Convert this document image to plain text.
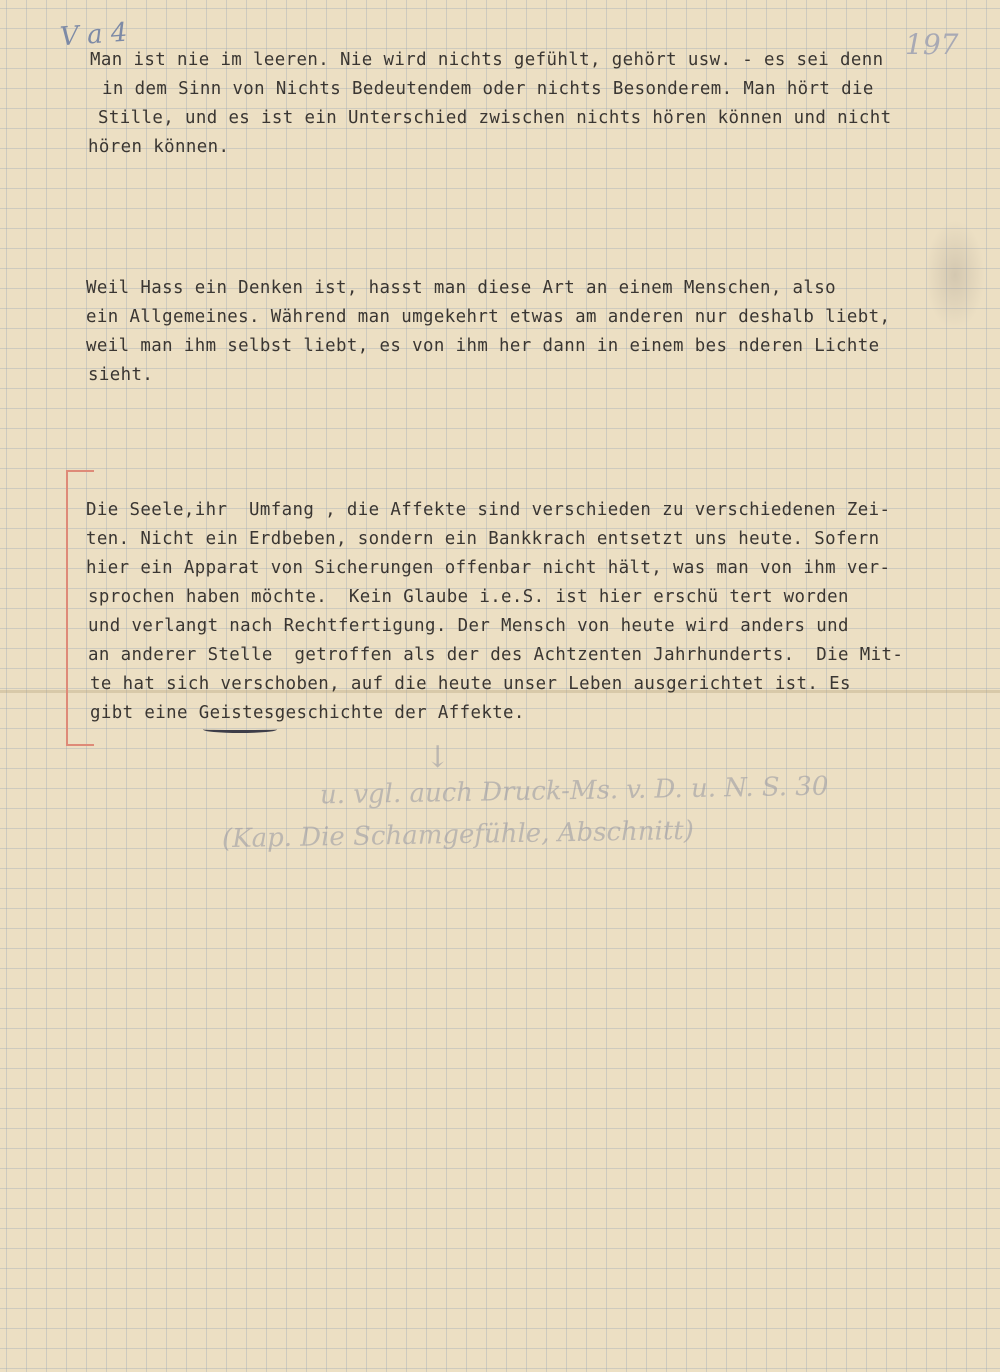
V a 4	197
Man ist nie im leeren. Nie wird nichts gefühlt, gehört usw. - es sei denn
in dem Sinn von Nichts Bedeutendem oder nichts Besonderem. Man hört die
Stille, und es ist ein Unterschied zwischen nichts hören können und nicht
hören können.
Weil Hass ein Denken ist, hasst man diese Art an einem Menschen, also
ein Allgemeines. Während man umgekehrt etwas am anderen nur deshalb liebt,
weil man ihm selbst liebt, es von ihm her dann in einem bes nderen Lichte
sieht.
Die Seele,ihr  Umfang , die Affekte sind verschieden zu verschiedenen Zei-
ten. Nicht ein Erdbeben, sondern ein Bankkrach entsetzt uns heute. Sofern
hier ein Apparat von Sicherungen offenbar nicht hält, was man von ihm ver-
sprochen haben möchte.  Kein Glaube i.e.S. ist hier erschü tert worden
und verlangt nach Rechtfertigung. Der Mensch von heute wird anders und
an anderer Stelle  getroffen als der des Achtzenten Jahrhunderts.  Die Mit-
te hat sich verschoben, auf die heute unser Leben ausgerichtet ist. Es
gibt eine Geistesgeschichte der Affekte.
↓
u. vgl. auch Druck-Ms. v. D. u. N. S. 30
(Kap. Die Schamgefühle, Abschnitt)
